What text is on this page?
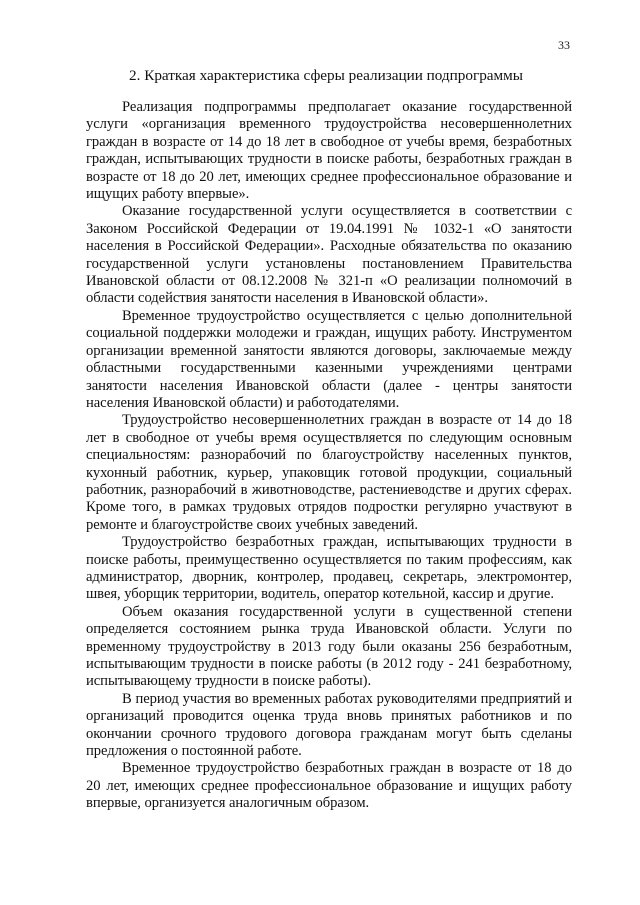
33
2. Краткая характеристика сферы реализации подпрограммы

Реализация подпрограммы предполагает оказание государственной услуги «организация временного трудоустройства несовершеннолетних граждан в возрасте от 14 до 18 лет в свободное от учебы время, безработных граждан, испытывающих трудности в поиске работы, безработных граждан в возрасте от 18 до 20 лет, имеющих среднее профессиональное образование и ищущих работу впервые».

Оказание государственной услуги осуществляется в соответствии с Законом Российской Федерации от 19.04.1991 № 1032-1 «О занятости населения в Российской Федерации». Расходные обязательства по оказанию государственной услуги установлены постановлением Правительства Ивановской области от 08.12.2008 № 321-п «О реализации полномочий в области содействия занятости населения в Ивановской области».

Временное трудоустройство осуществляется с целью дополнительной социальной поддержки молодежи и граждан, ищущих работу. Инструментом организации временной занятости являются договоры, заключаемые между областными государственными казенными учреждениями центрами занятости населения Ивановской области (далее - центры занятости населения Ивановской области) и работодателями.

Трудоустройство несовершеннолетних граждан в возрасте от 14 до 18 лет в свободное от учебы время осуществляется по следующим основным специальностям: разнорабочий по благоустройству населенных пунктов, кухонный работник, курьер, упаковщик готовой продукции, социальный работник, разнорабочий в животноводстве, растениеводстве и других сферах. Кроме того, в рамках трудовых отрядов подростки регулярно участвуют в ремонте и благоустройстве своих учебных заведений.

Трудоустройство безработных граждан, испытывающих трудности в поиске работы, преимущественно осуществляется по таким профессиям, как администратор, дворник, контролер, продавец, секретарь, электромонтер, швея, уборщик территории, водитель, оператор котельной, кассир и другие.

Объем оказания государственной услуги в существенной степени определяется состоянием рынка труда Ивановской области. Услуги по временному трудоустройству в 2013 году были оказаны 256 безработным, испытывающим трудности в поиске работы (в 2012 году - 241 безработному, испытывающему трудности в поиске работы).

В период участия во временных работах руководителями предприятий и организаций проводится оценка труда вновь принятых работников и по окончании срочного трудового договора гражданам могут быть сделаны предложения о постоянной работе.

Временное трудоустройство безработных граждан в возрасте от 18 до 20 лет, имеющих среднее профессиональное образование и ищущих работу впервые, организуется аналогичным образом.
